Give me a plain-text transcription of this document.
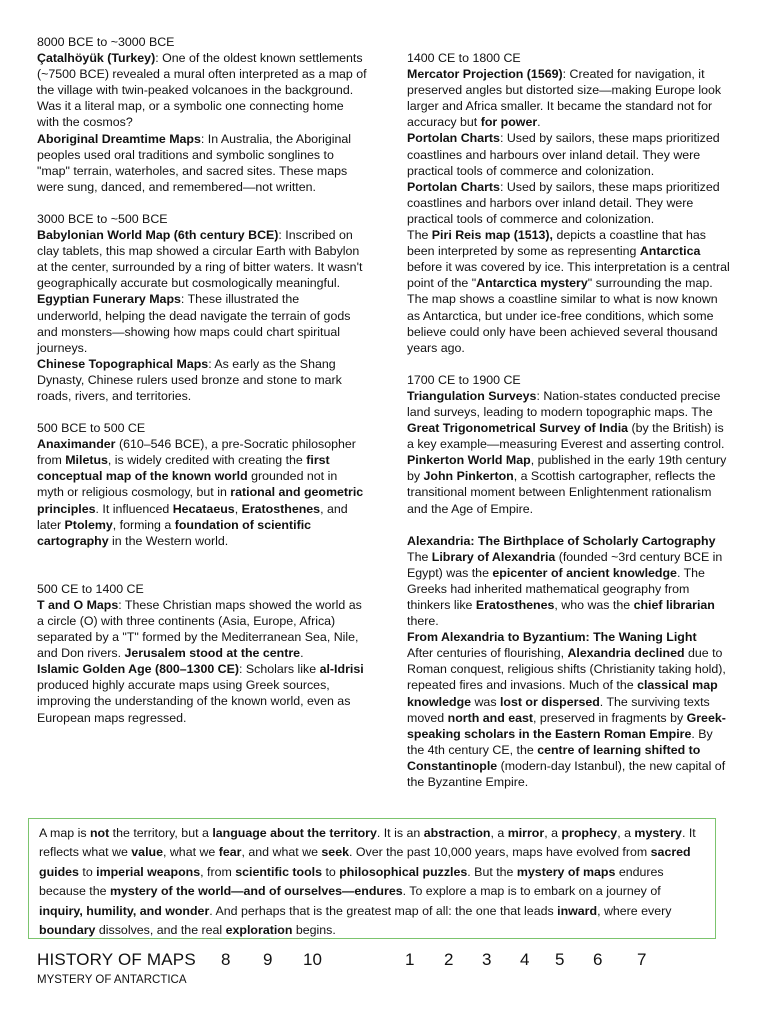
8000 BCE to ~3000 BCE
Çatalhöyük (Turkey): One of the oldest known settlements (~7500 BCE) revealed a mural often interpreted as a map of the village with twin-peaked volcanoes in the background. Was it a literal map, or a symbolic one connecting home with the cosmos?
Aboriginal Dreamtime Maps: In Australia, the Aboriginal peoples used oral traditions and symbolic songlines to "map" terrain, waterholes, and sacred sites. These maps were sung, danced, and remembered—not written.
3000 BCE to ~500 BCE
Babylonian World Map (6th century BCE): Inscribed on clay tablets, this map showed a circular Earth with Babylon at the center, surrounded by a ring of bitter waters. It wasn't geographically accurate but cosmologically meaningful.
Egyptian Funerary Maps: These illustrated the underworld, helping the dead navigate the terrain of gods and monsters—showing how maps could chart spiritual journeys.
Chinese Topographical Maps: As early as the Shang Dynasty, Chinese rulers used bronze and stone to mark roads, rivers, and territories.
500 BCE to 500 CE
Anaximander (610–546 BCE), a pre-Socratic philosopher from Miletus, is widely credited with creating the first conceptual map of the known world grounded not in myth or religious cosmology, but in rational and geometric principles. It influenced Hecataeus, Eratosthenes, and later Ptolemy, forming a foundation of scientific cartography in the Western world.
500 CE to 1400 CE
T and O Maps: These Christian maps showed the world as a circle (O) with three continents (Asia, Europe, Africa) separated by a "T" formed by the Mediterranean Sea, Nile, and Don rivers. Jerusalem stood at the centre.
Islamic Golden Age (800–1300 CE): Scholars like al-Idrisi produced highly accurate maps using Greek sources, improving the understanding of the known world, even as European maps regressed.
1400 CE to 1800 CE
Mercator Projection (1569): Created for navigation, it preserved angles but distorted size—making Europe look larger and Africa smaller. It became the standard not for accuracy but for power.
Portolan Charts: Used by sailors, these maps prioritized coastlines and harbours over inland detail. They were practical tools of commerce and colonization.
Portolan Charts: Used by sailors, these maps prioritized coastlines and harbors over inland detail. They were practical tools of commerce and colonization.
The Piri Reis map (1513), depicts a coastline that has been interpreted by some as representing Antarctica before it was covered by ice. This interpretation is a central point of the "Antarctica mystery" surrounding the map. The map shows a coastline similar to what is now known as Antarctica, but under ice-free conditions, which some believe could only have been achieved several thousand years ago.
1700 CE to 1900 CE
Triangulation Surveys: Nation-states conducted precise land surveys, leading to modern topographic maps. The Great Trigonometrical Survey of India (by the British) is a key example—measuring Everest and asserting control.
Pinkerton World Map, published in the early 19th century by John Pinkerton, a Scottish cartographer, reflects the transitional moment between Enlightenment rationalism and the Age of Empire.
Alexandria: The Birthplace of Scholarly Cartography
The Library of Alexandria (founded ~3rd century BCE in Egypt) was the epicenter of ancient knowledge. The Greeks had inherited mathematical geography from thinkers like Eratosthenes, who was the chief librarian there.
From Alexandria to Byzantium: The Waning Light
After centuries of flourishing, Alexandria declined due to Roman conquest, religious shifts (Christianity taking hold), repeated fires and invasions. Much of the classical map knowledge was lost or dispersed. The surviving texts moved north and east, preserved in fragments by Greek-speaking scholars in the Eastern Roman Empire. By the 4th century CE, the centre of learning shifted to Constantinople (modern-day Istanbul), the new capital of the Byzantine Empire.
A map is not the territory, but a language about the territory. It is an abstraction, a mirror, a prophecy, a mystery. It reflects what we value, what we fear, and what we seek. Over the past 10,000 years, maps have evolved from sacred guides to imperial weapons, from scientific tools to philosophical puzzles. But the mystery of maps endures because the mystery of the world—and of ourselves—endures. To explore a map is to embark on a journey of inquiry, humility, and wonder. And perhaps that is the greatest map of all: the one that leads inward, where every boundary dissolves, and the real exploration begins.
HISTORY OF MAPS
MYSTERY OF ANTARCTICA
8 9 10	1 2 3 4 5 6 7
